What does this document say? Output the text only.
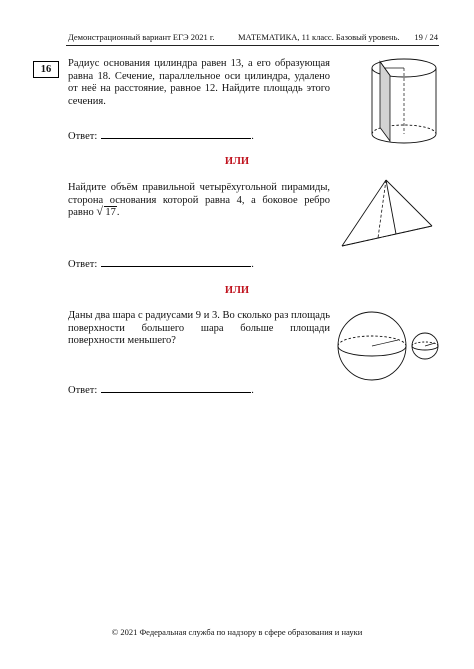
Демонстрационный вариант ЕГЭ 2021 г.	МАТЕМАТИКА, 11 класс. Базовый уровень. 19 / 24
16
Радиус основания цилиндра равен 13, а его образующая равна 18. Сечение, параллельное оси цилиндра, удалено от неё на расстояние, равное 12. Найдите площадь этого сечения.
Ответ:	.
ИЛИ
Найдите объём правильной четырёхугольной пирамиды, сторона основания которой равна 4, а боковое ребро равно √ 17.
Ответ:	.
ИЛИ
Даны два шара с радиусами 9 и 3. Во сколько раз площадь поверхности большего шара больше площади поверхности меньшего?
Ответ:	.
© 2021 Федеральная служба по надзору в сфере образования и науки
